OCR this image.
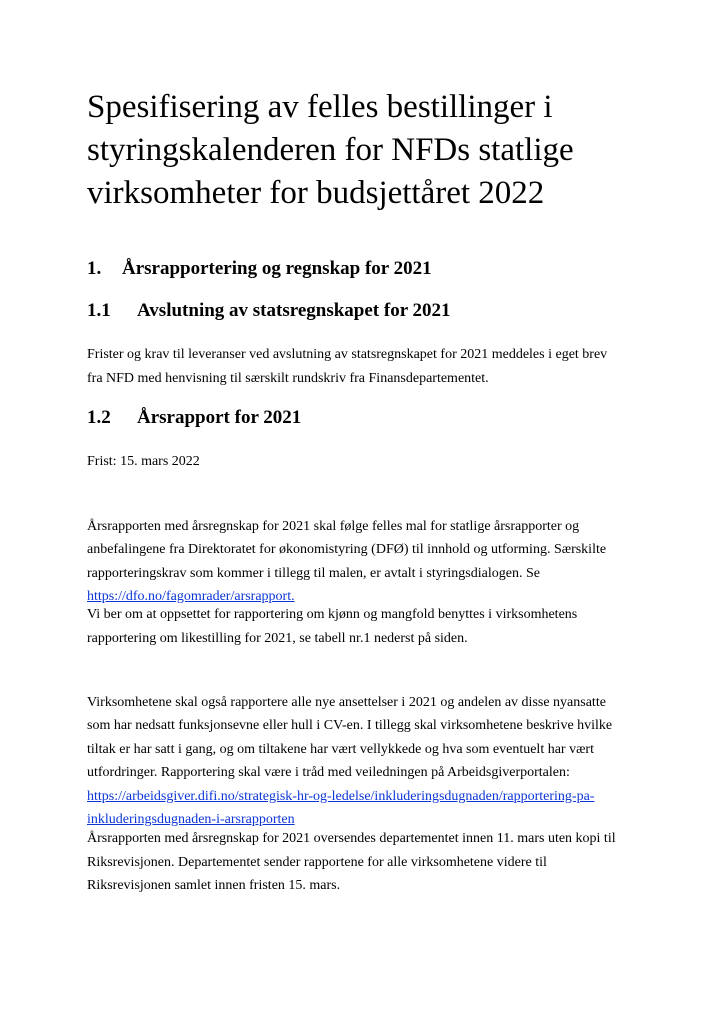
Spesifisering av felles bestillinger i styringskalenderen for NFDs statlige virksomheter for budsjettåret 2022
1. Årsrapportering og regnskap for 2021
1.1 Avslutning av statsregnskapet for 2021

Frister og krav til leveranser ved avslutning av statsregnskapet for 2021 meddeles i eget brev
fra NFD med henvisning til særskilt rundskriv fra Finansdepartementet.

1.2 Årsrapport for 2021

Frist: 15. mars 2022

Årsrapporten med årsregnskap for 2021 skal følge felles mal for statlige årsrapporter og
anbefalingene fra Direktoratet for økonomistyring (DFØ) til innhold og utforming. Særskilte
rapporteringskrav som kommer i tillegg til malen, er avtalt i styringsdialogen. Se
https://dfo.no/fagomrader/arsrapport.

Vi ber om at oppsettet for rapportering om kjønn og mangfold benyttes i virksomhetens
rapportering om likestilling for 2021, se tabell nr.1 nederst på siden.

Virksomhetene skal også rapportere alle nye ansettelser i 2021 og andelen av disse nyansatte
som har nedsatt funksjonsevne eller hull i CV-en. I tillegg skal virksomhetene beskrive hvilke
tiltak er har satt i gang, og om tiltakene har vært vellykkede og hva som eventuelt har vært
utfordringer. Rapportering skal være i tråd med veiledningen på Arbeidsgiverportalen:
https://arbeidsgiver.difi.no/strategisk-hr-og-ledelse/inkluderingsdugnaden/rapportering-pa-
inkluderingsdugnaden-i-arsrapporten

Årsrapporten med årsregnskap for 2021 oversendes departementet innen 11. mars uten kopi til
Riksrevisjonen. Departementet sender rapportene for alle virksomhetene videre til
Riksrevisjonen samlet innen fristen 15. mars.
